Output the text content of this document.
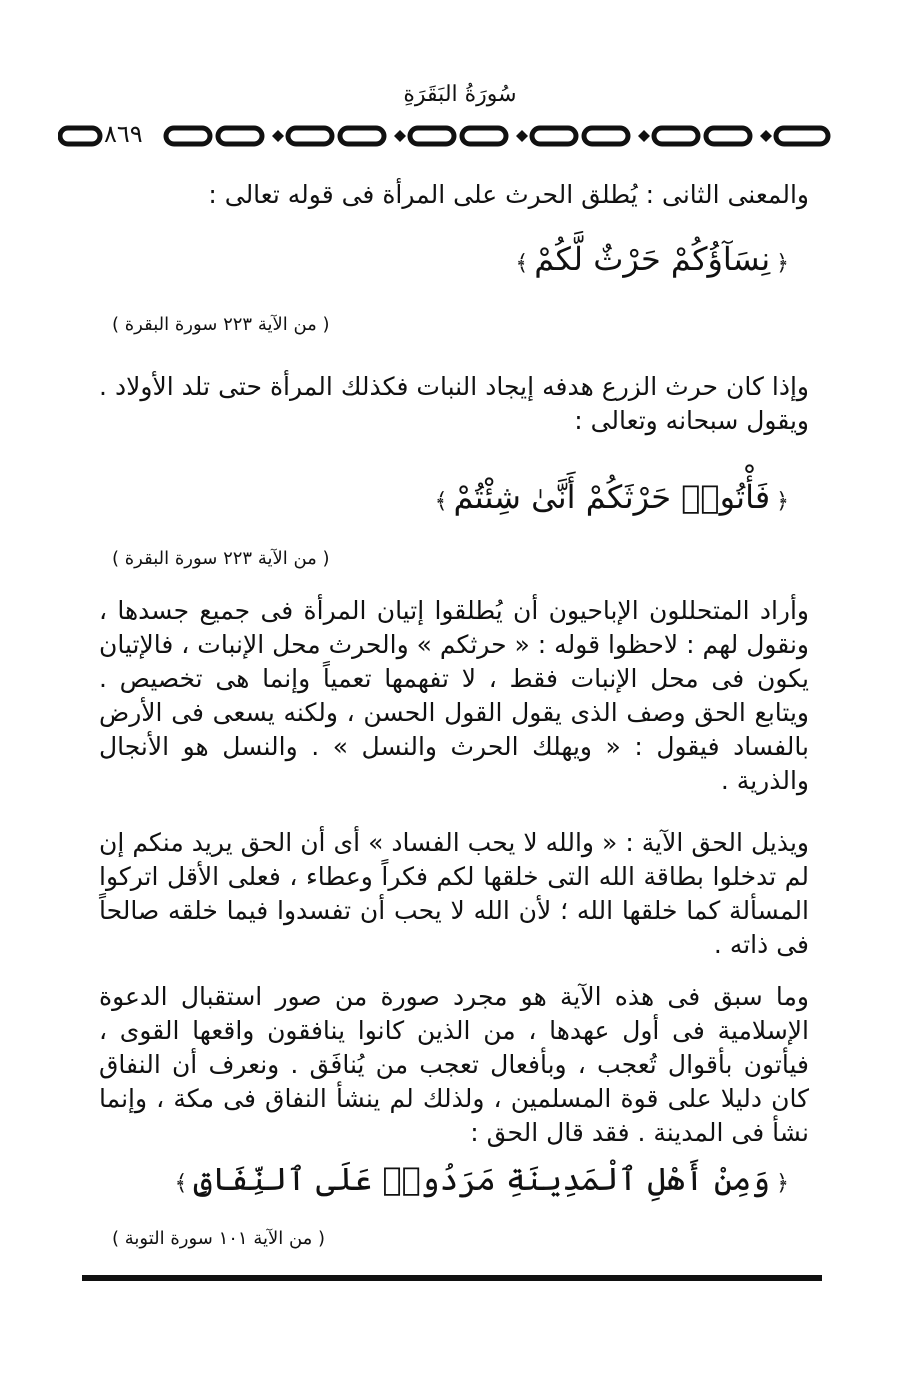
سُورَةُ البَقَرَةِ
٨٦٩
والمعنى الثانى : يُطلق الحرث على المرأة فى قوله تعالى :
﴿نِسَآؤُكُمْ حَرْثٌ لَّكُمْ﴾
( من الآية ٢٢٣ سورة البقرة )
وإذا كان حرث الزرع هدفه إيجاد النبات فكذلك المرأة حتى تلد الأولاد . ويقول سبحانه وتعالى :
﴿فَأْتُوا۟ حَرْثَكُمْ أَنَّىٰ شِئْتُمْ﴾
( من الآية ٢٢٣ سورة البقرة )
وأراد المتحللون الإباحيون أن يُطلقوا إتيان المرأة فى جميع جسدها ، ونقول لهم : لاحظوا قوله : « حرثكم » والحرث محل الإنبات ، فالإتيان يكون فى محل الإنبات فقط ، لا تفهمها تعمياً وإنما هى تخصيص . ويتابع الحق وصف الذى يقول القول الحسن ، ولكنه يسعى فى الأرض بالفساد فيقول : « ويهلك الحرث والنسل » . والنسل هو الأنجال والذرية .
ويذيل الحق الآية : « والله لا يحب الفساد » أى أن الحق يريد منكم إن لم تدخلوا بطاقة الله التى خلقها لكم فكراً وعطاء ، فعلى الأقل اتركوا المسألة كما خلقها الله ؛ لأن الله لا يحب أن تفسدوا فيما خلقه صالحاً فى ذاته .
وما سبق فى هذه الآية هو مجرد صورة من صور استقبال الدعوة الإسلامية فى أول عهدها ، من الذين كانوا ينافقون واقعها القوى ، فيأتون بأقوال تُعجب ، وبأفعال تعجب من يُنافَق . ونعرف أن النفاق كان دليلا على قوة المسلمين ، ولذلك لم ينشأ النفاق فى مكة ، وإنما نشأ فى المدينة . فقد قال الحق :
﴿وَمِنْ أَهْلِ ٱلْمَدِينَةِ مَرَدُوا۟ عَلَى ٱلنِّفَاقِ﴾
( من الآية ١٠١ سورة التوبة )
